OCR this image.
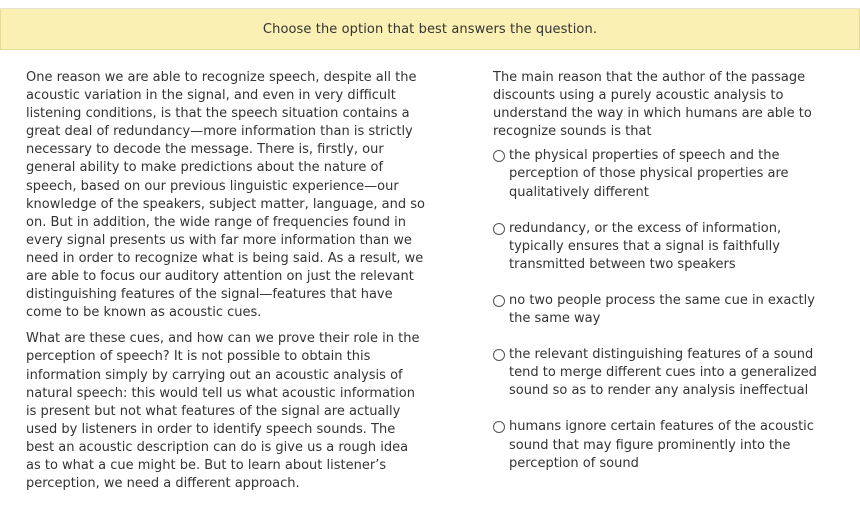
Choose the option that best answers the question.

One reason we are able to recognize speech, despite all the acoustic variation in the signal, and even in very difficult listening conditions, is that the speech situation contains a great deal of redundancy—more information than is strictly necessary to decode the message. There is, firstly, our general ability to make predictions about the nature of speech, based on our previous linguistic experience—our knowledge of the speakers, subject matter, language, and so on. But in addition, the wide range of frequencies found in every signal presents us with far more information than we need in order to recognize what is being said. As a result, we are able to focus our auditory attention on just the relevant distinguishing features of the signal—features that have come to be known as acoustic cues.

What are these cues, and how can we prove their role in the perception of speech? It is not possible to obtain this information simply by carrying out an acoustic analysis of natural speech: this would tell us what acoustic information is present but not what features of the signal are actually used by listeners in order to identify speech sounds. The best an acoustic description can do is give us a rough idea as to what a cue might be. But to learn about listener’s perception, we need a different approach.

The main reason that the author of the passage discounts using a purely acoustic analysis to understand the way in which humans are able to recognize sounds is that

the physical properties of speech and the perception of those physical properties are qualitatively different
redundancy, or the excess of information, typically ensures that a signal is faithfully transmitted between two speakers
no two people process the same cue in exactly the same way
the relevant distinguishing features of a sound tend to merge different cues into a generalized sound so as to render any analysis ineffectual
humans ignore certain features of the acoustic sound that may figure prominently into the perception of sound
